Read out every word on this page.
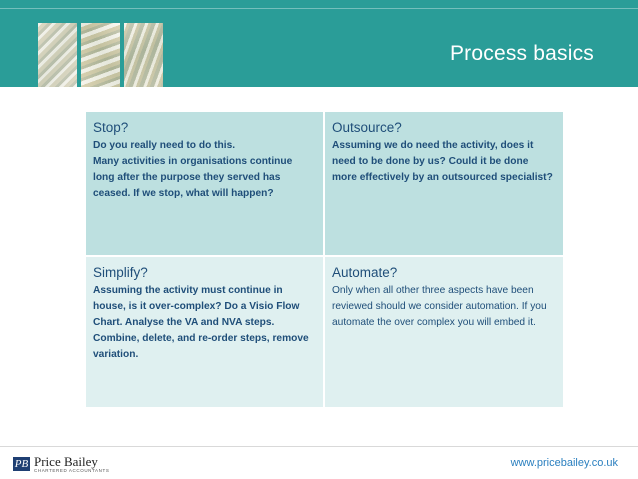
Process basics
Stop?
Do you really need to do this.
Many activities in organisations continue long after the purpose they served has ceased. If we stop, what will happen?
Outsource?
Assuming we do need the activity, does it need to be done by us? Could it be done more effectively by an outsourced specialist?
Simplify?
Assuming the activity must continue in house, is it over-complex? Do a Visio Flow Chart. Analyse the VA and NVA steps. Combine, delete, and re-order steps, remove variation.
Automate?
Only when all other three aspects have been reviewed should we consider automation. If you automate the over complex you will embed it.
PB Price Bailey
CHARTERED ACCOUNTANTS
www.pricebailey.co.uk
